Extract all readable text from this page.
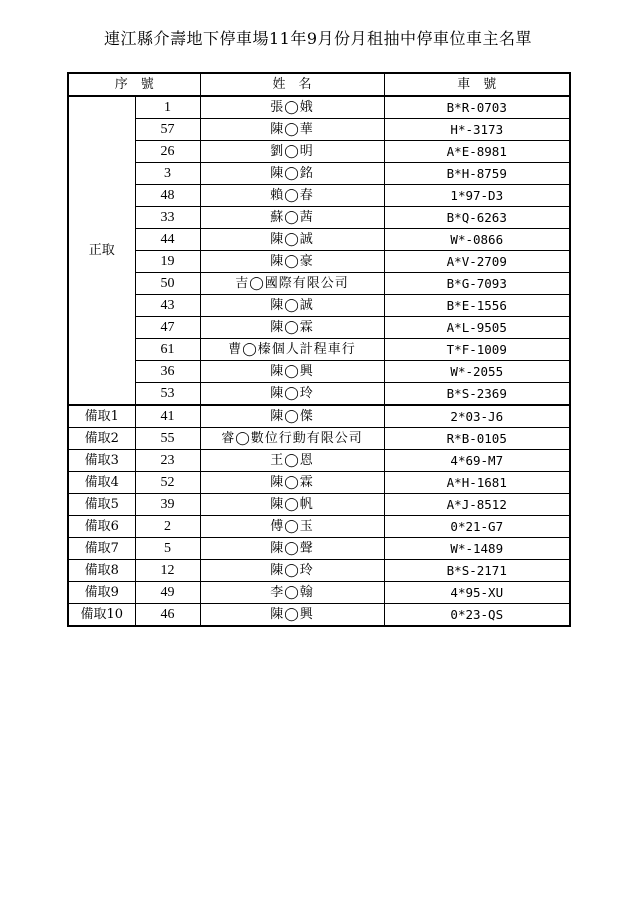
連江縣介壽地下停車場11年9月份月租抽中停車位車主名單
序　號		姓　名	車　號
正取	1	張◯娥	B*R-0703
	57	陳◯華	H*-3173
	26	劉◯明	A*E-8981
	3	陳◯銘	B*H-8759
	48	賴◯春	1*97-D3
	33	蘇◯茜	B*Q-6263
	44	陳◯誠	W*-0866
	19	陳◯豪	A*V-2709
	50	吉◯國際有限公司	B*G-7093
	43	陳◯誠	B*E-1556
	47	陳◯霖	A*L-9505
	61	曹◯榛個人計程車行	T*F-1009
	36	陳◯興	W*-2055
	53	陳◯玲	B*S-2369
備取1	41	陳◯傑	2*03-J6
備取2	55	睿◯數位行動有限公司	R*B-0105
備取3	23	王◯恩	4*69-M7
備取4	52	陳◯霖	A*H-1681
備取5	39	陳◯帆	A*J-8512
備取6	2	傅◯玉	0*21-G7
備取7	5	陳◯聲	W*-1489
備取8	12	陳◯玲	B*S-2171
備取9	49	李◯翰	4*95-XU
備取10	46	陳◯興	0*23-QS
